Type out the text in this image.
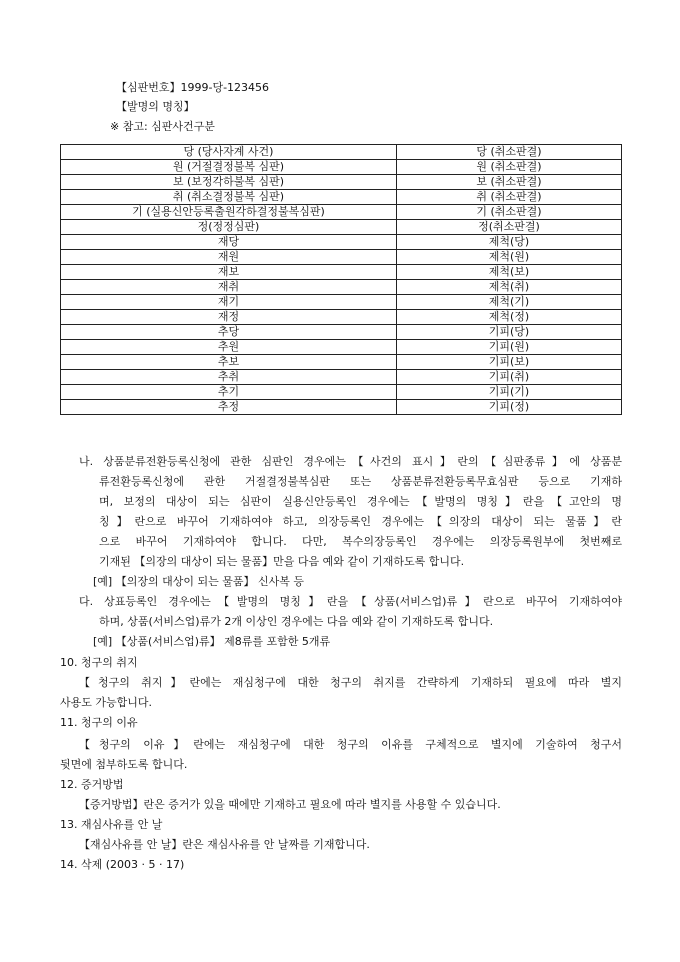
【심판번호】1999-당-123456
【발명의 명칭】
※ 참고: 심판사건구분
당 (당사자계 사건)	당 (취소판결)
원 (거절결정불복 심판)	원 (취소판결)
보 (보정각하불복 심판)	보 (취소판결)
취 (취소결정불복 심판)	취 (취소판결)
기 (실용신안등록출원각하결정불복심판)	기 (취소판결)
정(정정심판)	정(취소판결)
재당	제척(당)
재원	제척(원)
재보	제척(보)
재취	제척(취)
재기	제척(기)
재정	제척(정)
추당	기피(당)
추원	기피(원)
추보	기피(보)
추취	기피(취)
추기	기피(기)
추정	기피(정)
나. 상품분류전환등록신청에 관한 심판인 경우에는【사건의 표시】란의【심판종류】에 상품분
류전환등록신청에 관한 거절결정불복심판 또는 상품분류전환등록무효심판 등으로 기재하
며, 보정의 대상이 되는 심판이 실용신안등록인 경우에는【발명의 명칭】란을【고안의 명
칭】란으로 바꾸어 기재하여야 하고, 의장등록인 경우에는【의장의 대상이 되는 물품】란
으로 바꾸어 기재하여야 합니다. 다만, 복수의장등록인 경우에는 의장등록원부에 첫번째로
기재된 【의장의 대상이 되는 물품】만을 다음 예와 같이 기재하도록 합니다.
[예] 【의장의 대상이 되는 물품】 신사복 등
다. 상표등록인 경우에는【발명의 명칭】란을【상품(서비스업)류】란으로 바꾸어 기재하여야
하며, 상품(서비스업)류가 2개 이상인 경우에는 다음 예와 같이 기재하도록 합니다.
[예] 【상품(서비스업)류】 제8류를 포함한 5개류
10. 청구의 취지
【청구의 취지】란에는 재심청구에 대한 청구의 취지를 간략하게 기재하되 필요에 따라 별지
사용도 가능합니다.
11. 청구의 이유
【청구의 이유】란에는 재심청구에 대한 청구의 이유를 구체적으로 별지에 기술하여 청구서
뒷면에 첨부하도록 합니다.
12. 증거방법
【증거방법】란은 증거가 있을 때에만 기재하고 필요에 따라 별지를 사용할 수 있습니다.
13. 재심사유를 안 날
【재심사유를 안 날】란은 재심사유를 안 날짜를 기재합니다.
14. 삭제 (2003 · 5 · 17)
